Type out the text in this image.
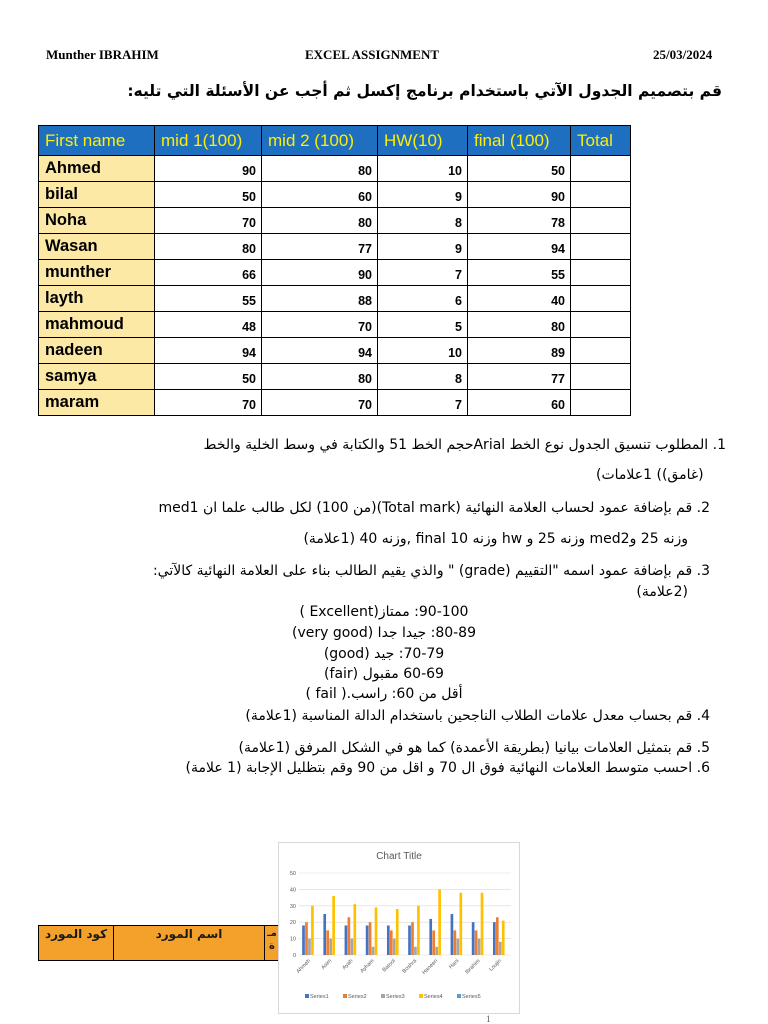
Munther IBRAHIM	EXCEL ASSIGNMENT	25/03/2024
قم بتصميم الجدول الآتي باستخدام برنامج إكسل ثم أجب عن الأسئلة التي تليه:
First name	mid 1(100)	mid 2 (100)	HW(10)	final (100)	Total
Ahmed	90	80	10	50	
bilal	50	60	9	90	
Noha	70	80	8	78	
Wasan	80	77	9	94	
munther	66	90	7	55	
layth	55	88	6	40	
mahmoud	48	70	5	80	
nadeen	94	94	10	89	
samya	50	80	8	77	
maram	70	70	7	60	
1. المطلوب تنسيق الجدول نوع الخط Arialحجم الخط 51 والكتابة في وسط الخلية والخط
(غامق)) 1علامات)
2. قم بإضافة عمود لحساب العلامة النهائية (Total mark)(من 100) لكل طالب علما ان med1
وزنه 25 وmed2 وزنه 25 و hw وزنه 10 final ,وزنه 40 (1علامة)
3. قم بإضافة عمود اسمه "التقييم (grade) " والذي يقيم الطالب بناء على العلامة النهائية كالآتي:
(2علامة)
90-100: ممتاز(Excellent )
80-89: جيدا جدا (very good)
70-79: جيد (good)
60-69 مقبول (fair)
أقل من 60: راسب.( fail )
4. قم بحساب معدل علامات الطلاب الناجحين باستخدام الدالة المناسبة (1علامة)
5. قم بتمثيل العلامات بيانيا (بطريقة الأعمدة) كما هو في الشكل المرفق (1علامة)
6. احسب متوسط العلامات النهائية فوق ال 70 و اقل من 90 وقم بتظليل الإجابة (1 علامة)
كود المورد	اسم المورد	مـ ة
Chart Title
0
10
20
30
40
50
Ahmeh Asim Ayah Ayham Batool Boshra Haneen Hani Ibrahim Loujin
Series1	Series2	Series3	Series4	Series5
1
